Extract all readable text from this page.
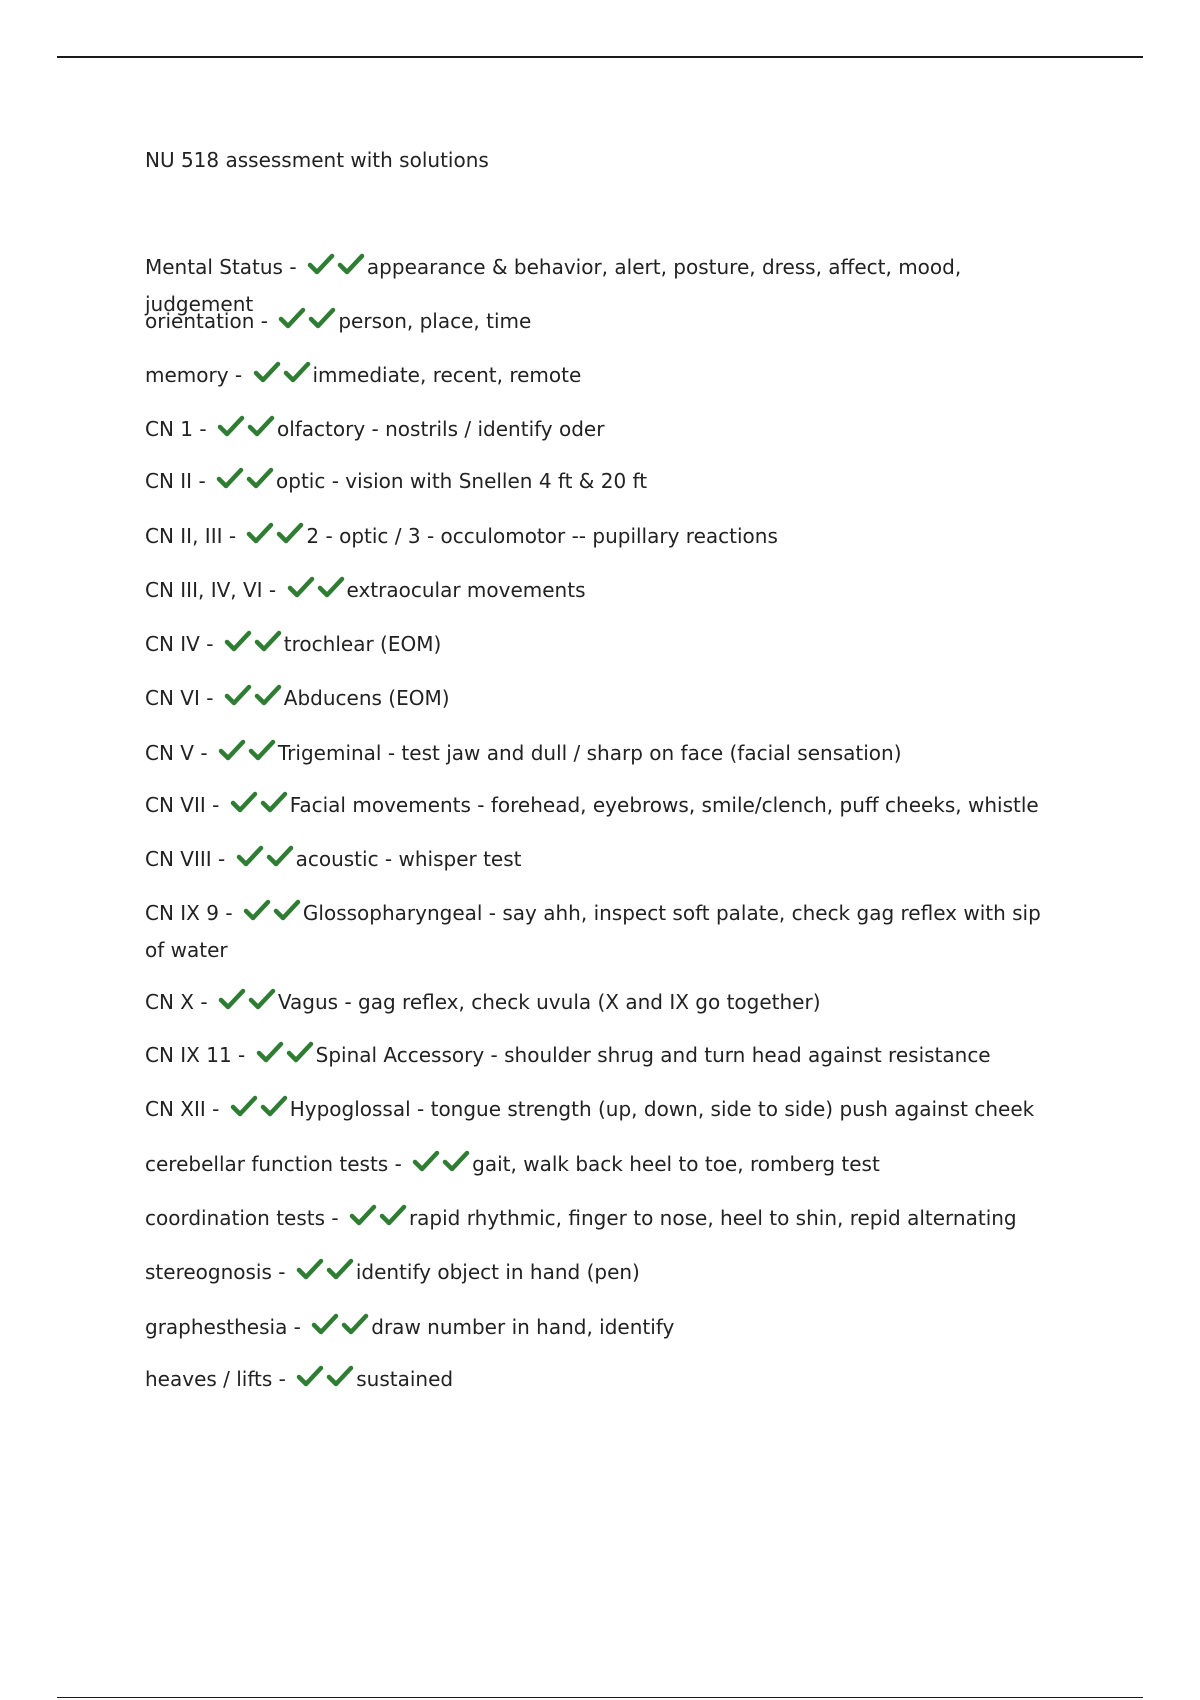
NU 518 assessment with solutions
Mental Status -	appearance & behavior, alert, posture, dress, affect, mood, judgement
orientation -	person, place, time
memory -	immediate, recent, remote
CN 1 -	olfactory - nostrils / identify oder
CN II -	optic - vision with Snellen 4 ft & 20 ft
CN II, III -	2 - optic / 3 - occulomotor -- pupillary reactions
CN III, IV, VI -	extraocular movements
CN IV -	trochlear (EOM)
CN VI -	Abducens (EOM)
CN V -	Trigeminal - test jaw and dull / sharp on face (facial sensation)
CN VII -	Facial movements - forehead, eyebrows, smile/clench, puff cheeks, whistle
CN VIII -	acoustic - whisper test
CN IX 9 -	Glossopharyngeal - say ahh, inspect soft palate, check gag reflex with sip of water
CN X -	Vagus - gag reflex, check uvula (X and IX go together)
CN IX 11 -	Spinal Accessory - shoulder shrug and turn head against resistance
CN XII -	Hypoglossal - tongue strength (up, down, side to side) push against cheek
cerebellar function tests -	gait, walk back heel to toe, romberg test
coordination tests -	rapid rhythmic, finger to nose, heel to shin, repid alternating
stereognosis -	identify object in hand (pen)
graphesthesia -	draw number in hand, identify
heaves / lifts -	sustained
